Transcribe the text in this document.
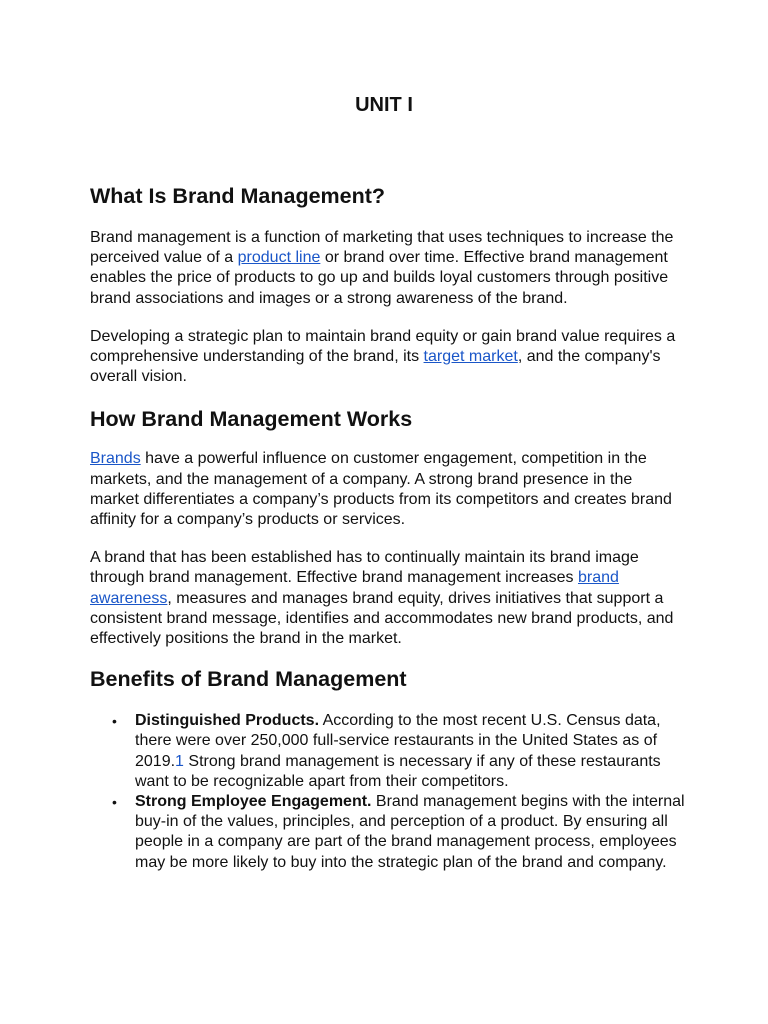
UNIT I
What Is Brand Management?

Brand management is a function of marketing that uses techniques to increase the perceived value of a product line or brand over time. Effective brand management enables the price of products to go up and builds loyal customers through positive brand associations and images or a strong awareness of the brand.

Developing a strategic plan to maintain brand equity or gain brand value requires a comprehensive understanding of the brand, its target market, and the company's overall vision.

How Brand Management Works

Brands have a powerful influence on customer engagement, competition in the markets, and the management of a company. A strong brand presence in the market differentiates a company’s products from its competitors and creates brand affinity for a company’s products or services.

A brand that has been established has to continually maintain its brand image through brand management. Effective brand management increases brand awareness, measures and manages brand equity, drives initiatives that support a consistent brand message, identifies and accommodates new brand products, and effectively positions the brand in the market.

Benefits of Brand Management
• Distinguished Products. According to the most recent U.S. Census data, there were over 250,000 full-service restaurants in the United States as of 2019.1 Strong brand management is necessary if any of these restaurants want to be recognizable apart from their competitors.
• Strong Employee Engagement. Brand management begins with the internal buy-in of the values, principles, and perception of a product. By ensuring all people in a company are part of the brand management process, employees may be more likely to buy into the strategic plan of the brand and company.
